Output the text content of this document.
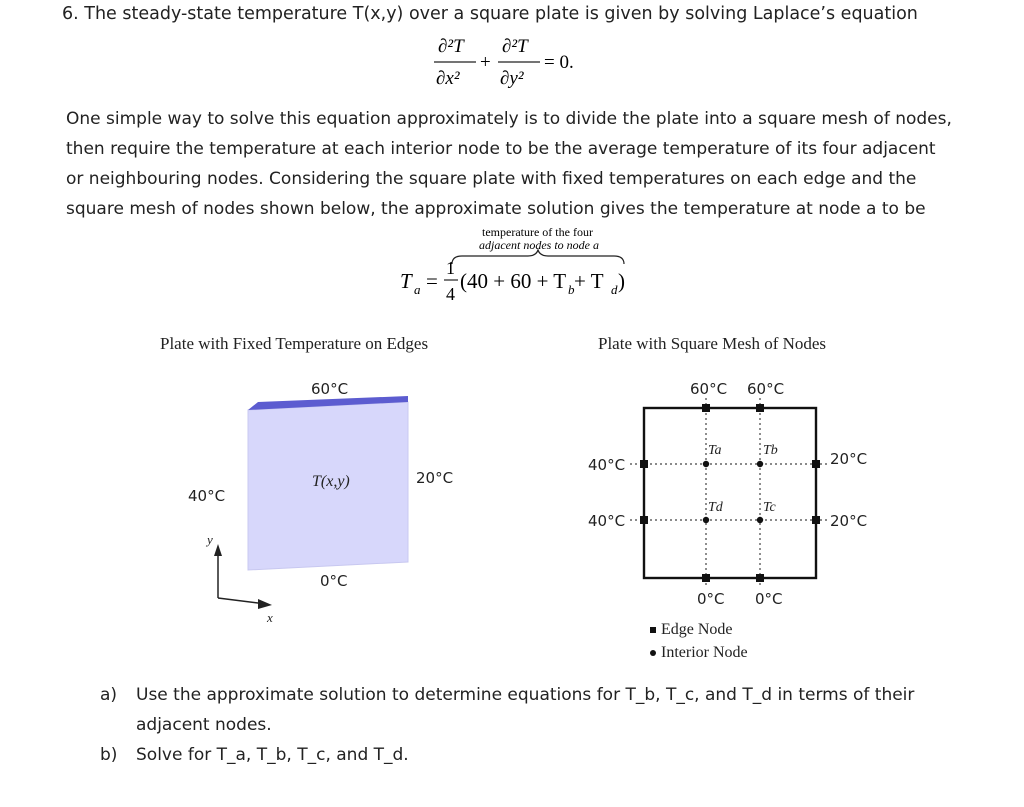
6. The steady-state temperature T(x,y) over a square plate is given by solving Laplace’s equation
∂²T
∂x²
+
∂²T
∂y²
= 0.
One simple way to solve this equation approximately is to divide the plate into a square mesh of nodes,
then require the temperature at each interior node to be the average temperature of its four adjacent
or neighbouring nodes. Considering the square plate with fixed temperatures on each edge and the
square mesh of nodes shown below, the approximate solution gives the temperature at node a to be
temperature of the four
adjacent nodes to node a
T a =
1
4
(40 + 60 + T b + T d )
Plate with Fixed Temperature on Edges	Plate with Square Mesh of Nodes
60°C
40°C
20°C
0°C
T(x,y)
y
x
60°C 60°C
40°C
40°C
20°C
20°C
0°C 0°C
Ta	Tb
Td	Tc
Edge Node
Interior Node
a) Use the approximate solution to determine equations for T_b, T_c, and T_d in terms of their
adjacent nodes.
b) Solve for T_a, T_b, T_c, and T_d.
